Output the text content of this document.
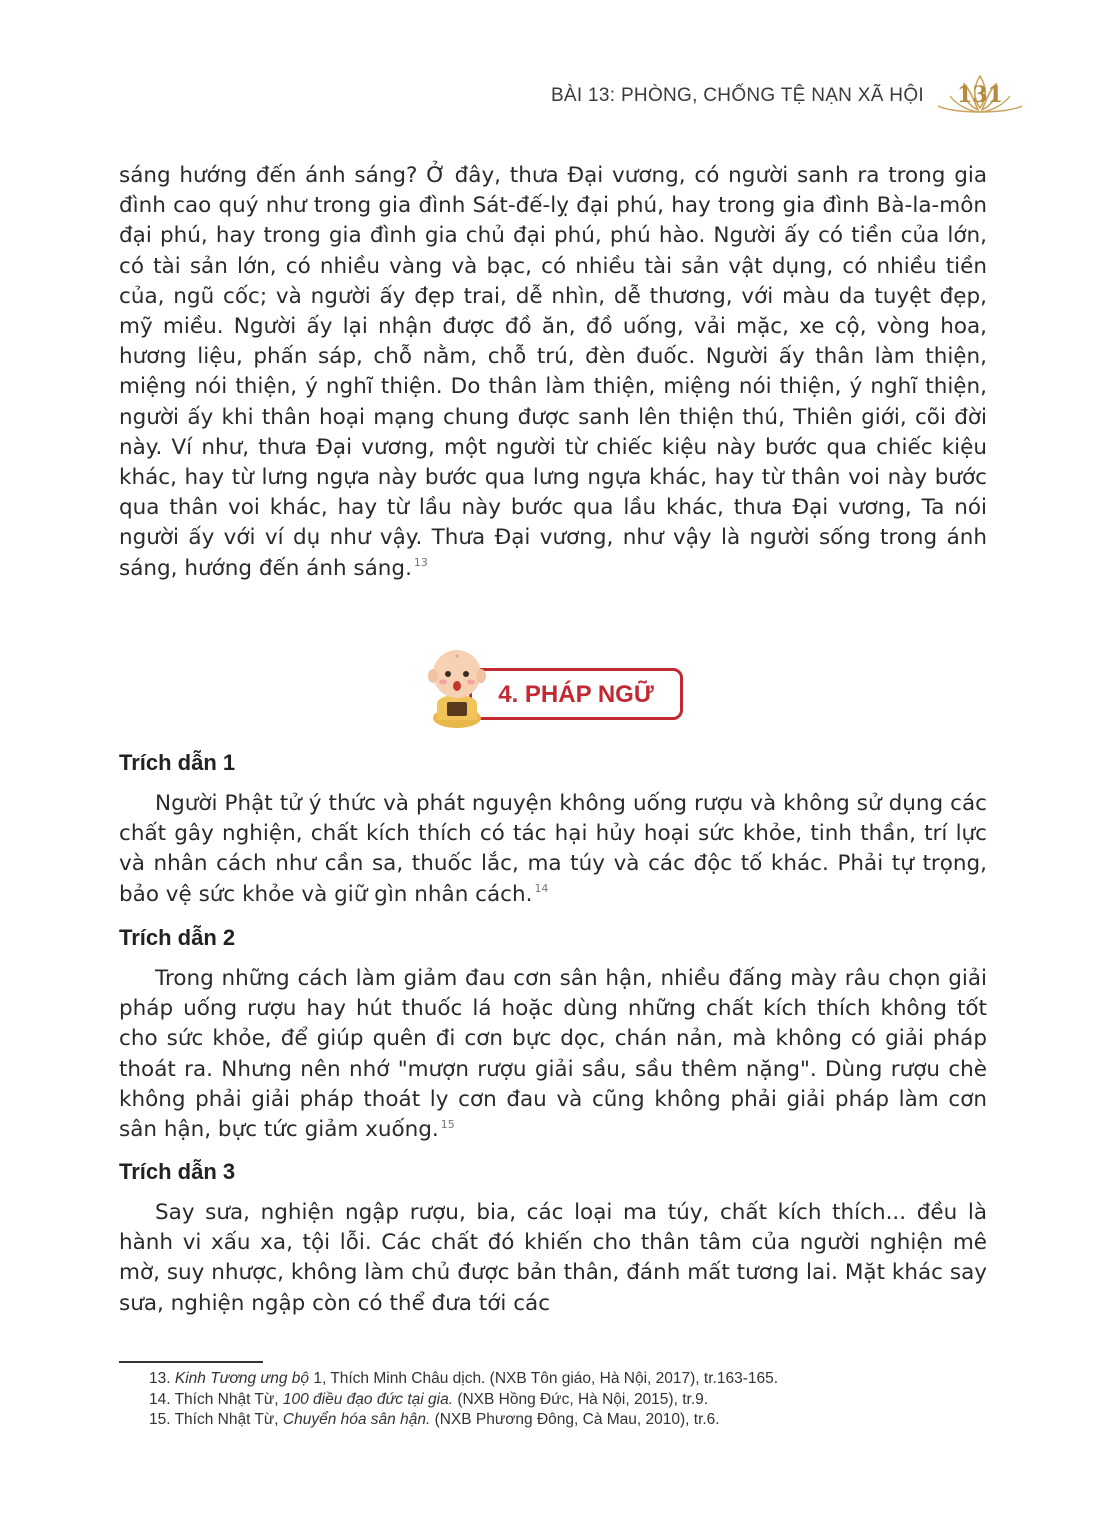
BÀI 13: PHÒNG, CHỐNG TỆ NẠN XÃ HỘI	131

sáng hướng đến ánh sáng? Ở đây, thưa Đại vương, có người sanh ra trong gia đình cao quý như trong gia đình Sát-đế-lỵ đại phú, hay trong gia đình Bà-la-môn đại phú, hay trong gia đình gia chủ đại phú, phú hào. Người ấy có tiền của lớn, có tài sản lớn, có nhiều vàng và bạc, có nhiều tài sản vật dụng, có nhiều tiền của, ngũ cốc; và người ấy đẹp trai, dễ nhìn, dễ thương, với màu da tuyệt đẹp, mỹ miều. Người ấy lại nhận được đồ ăn, đồ uống, vải mặc, xe cộ, vòng hoa, hương liệu, phấn sáp, chỗ nằm, chỗ trú, đèn đuốc. Người ấy thân làm thiện, miệng nói thiện, ý nghĩ thiện. Do thân làm thiện, miệng nói thiện, ý nghĩ thiện, người ấy khi thân hoại mạng chung được sanh lên thiện thú, Thiên giới, cõi đời này. Ví như, thưa Đại vương, một người từ chiếc kiệu này bước qua chiếc kiệu khác, hay từ lưng ngựa này bước qua lưng ngựa khác, hay từ thân voi này bước qua thân voi khác, hay từ lầu này bước qua lầu khác, thưa Đại vương, Ta nói người ấy với ví dụ như vậy. Thưa Đại vương, như vậy là người sống trong ánh sáng, hướng đến ánh sáng. $^{13}$

4. PHÁP NGỮ
Trích dẫn 1

Người Phật tử ý thức và phát nguyện không uống rượu và không sử dụng các chất gây nghiện, chất kích thích có tác hại hủy hoại sức khỏe, tinh thần, trí lực và nhân cách như cần sa, thuốc lắc, ma túy và các độc tố khác. Phải tự trọng, bảo vệ sức khỏe và giữ gìn nhân cách. $^{14}$

Trích dẫn 2

Trong những cách làm giảm đau cơn sân hận, nhiều đấng mày râu chọn giải pháp uống rượu hay hút thuốc lá hoặc dùng những chất kích thích không tốt cho sức khỏe, để giúp quên đi cơn bực dọc, chán nản, mà không có giải pháp thoát ra. Nhưng nên nhớ "mượn rượu giải sầu, sầu thêm nặng". Dùng rượu chè không phải giải pháp thoát ly cơn đau và cũng không phải giải pháp làm cơn sân hận, bực tức giảm xuống. $^{15}$

Trích dẫn 3

Say sưa, nghiện ngập rượu, bia, các loại ma túy, chất kích thích... đều là hành vi xấu xa, tội lỗi. Các chất đó khiến cho thân tâm của người nghiện mê mờ, suy nhược, không làm chủ được bản thân, đánh mất tương lai. Mặt khác say sưa, nghiện ngập còn có thể đưa tới các

13. Kinh Tương ưng bộ 1, Thích Minh Châu dịch. (NXB Tôn giáo, Hà Nội, 2017), tr.163-165.

14. Thích Nhật Từ, 100 điều đạo đức tại gia. (NXB Hồng Đức, Hà Nội, 2015), tr.9.

15. Thích Nhật Từ, Chuyển hóa sân hận. (NXB Phương Đông, Cà Mau, 2010), tr.6.
